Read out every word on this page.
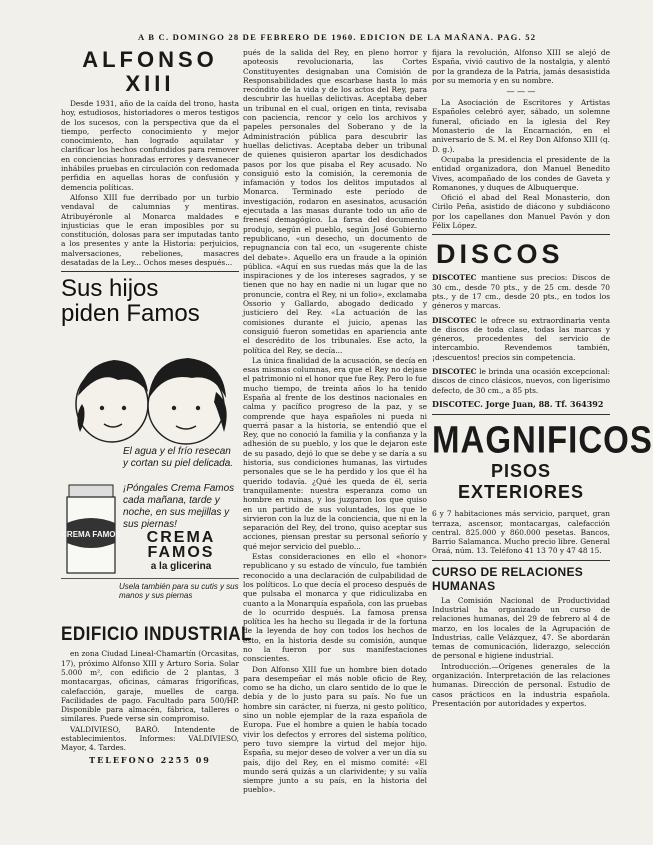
A B C. DOMINGO 28 DE FEBRERO DE 1960. EDICION DE LA MAÑANA. PAG. 52
ALFONSO XIII

Desde 1931, año de la caída del trono, hasta hoy, estudiosos, historiadores o meros testigos de los sucesos, con la perspectiva que da el tiempo, perfecto conocimiento y mejor conocimiento, han logrado aquilatar y clarificar los hechos confundidos para remover en conciencias honradas errores y desvanecer inhábiles pruebas en circulación con redomada perfidia en aquellas horas de confusión y demencia políticas.

Alfonso XIII fue derribado por un turbio vendaval de calumnias y mentiras. Atribuyéronle al Monarca maldades e injusticias que le eran imposibles por su constitución, dolosas para ser imputadas tanto a los presentes y ante la Historia: perjuicios, malversaciones, rebeliones, masacres desatadas de la Ley... Ochos meses después...

Sus hijos
piden Famos
El agua y el frío resecan y cortan su piel delicada.
CREMA FAMOS
¡Póngales Crema Famos cada mañana, tarde y noche, en sus mejillas y sus piernas!
CREMA
FAMOS
a la glicerina
Usela también para su cutis y sus manos y sus piernas
EDIFICIO INDUSTRIAL

en zona Ciudad Lineal-Chamartín (Orcasitas, 17), próximo Alfonso XIII y Arturo Soria. Solar 5.000 m², con edificio de 2 plantas, 3 montacargas, oficinas, cámaras frigoríficas, calefacción, garaje, muelles de carga. Facilidades de pago. Facultado para 500/HP. Disponible para almacén, fábrica, talleres o similares. Puede verse sin compromiso.

VALDIVIESO, BARÓ. Intendente de establecimientos. Informes: VALDIVIESO, Mayor, 4. Tardes.

TELEFONO 2255 09

pués de la salida del Rey, en pleno horror y apoteosis revolucionaria, las Cortes Constituyentes designaban una Comisión de Responsabilidades que escarbase hasta lo más recóndito de la vida y de los actos del Rey, para descubrir las huellas delictivas. Aceptaba deber un tribunal en el cual, origen en tinta, revisaba con paciencia, rencor y celo los archivos y papeles personales del Soberano y de la Administración pública para descubrir las huellas delictivas. Aceptaba deber un tribunal de quienes quisieron apartar los desdichados pasos por los que pisaba el Rey acusado. No consiguió esto la comisión, la ceremonia de infamación y todos los delitos imputados al Monarca. Terminado este período de investigación, rodaron en asesinatos, acusación ejecutada a las masas durante todo un año de frenesí demagógico. La farsa del documento produjo, según el pueblo, según José Gobierno republicano, «un desecho, un documento de repugnancia con tal eco, un «sugerente chiste del debate». Aquello era un fraude a la opinión pública. «Aquí en sus ruedas más que la de las inspiraciones y de los intereses sagrados, y se tienen que no hay en nadie ni un lugar que no pronuncie, contra el Rey, ni un folio», exclamaba Ossorio y Gallardo, abogado dedicado y justiciero del Rey. «La actuación de las comisiones durante el juicio, apenas las consiguió fueron sometidas en apariencia ante el descrédito de los tribunales. Ese acto, la política del Rey, se decía...

La única finalidad de la acusación, se decía en esas mismas columnas, era que el Rey no dejase el patrimonio ni el honor que fue Rey. Pero lo fue mucho tiempo, de treinta años lo ha tenido España al frente de los destinos nacionales en calma y pacífico progreso de la paz, y se comprende que haya españoles ni pueda ni querrá pasar a la historia, se entendió que el Rey, que no conoció la familia y la confianza y la adhesión de su pueblo, y los que le dejaron este de su pasado, dejó lo que se debe y se daría a su historia, sus condiciones humanas, las virtudes personales que se le ha perdido y los que él ha querido todavía. ¿Qué les queda de él, seria tranquilamente: nuestra esperanza como un hombre en ruinas, y los juzgaron los que quiso en un partido de sus voluntades, los que le sirvieron con la luz de la conciencia, que ni en la separación del Rey, del trono, quiso aceptar sus acciones, piensan prestar su personal señorío y qué mejor servicio del pueblo...

Estas consideraciones en ello el «honor» republicano y su estado de vínculo, fue también reconocido a una declaración de culpabilidad de los políticos. Lo que decía el proceso después de que pulsaba el monarca y que ridiculizaba en cuanto a la Monarquía española, con las pruebas de lo ocurrido después. La famosa prensa política les ha hecho su llegada ir de la fortuna de la leyenda de hoy con todos los hechos de esto, en la historia desde su comisión, aunque no la fueron por sus manifestaciones conscientes.

Don Alfonso XIII fue un hombre bien dotado para desempeñar el más noble oficio de Rey, como se ha dicho, un claro sentido de lo que le debía y de lo justo para su país. No fue un hombre sin carácter, ni fuerza, ni gesto político, sino un noble ejemplar de la raza española de Europa. Fue el hombre a quien le había tocado vivir los defectos y errores del sistema político, pero tuvo siempre la virtud del mejor hijo. España, su mejor deseo de volver a ver un día su país, dijo del Rey, en el mismo comité: «El mundo será quizás a un clarividente; y su valía siempre junto a su país, en la historia del pueblo».

fijara la revolución, Alfonso XIII se alejó de España, vivió cautivo de la nostalgia, y alentó por la grandeza de la Patria, jamás desasistida por su memoria y en su nombre.

— — —

La Asociación de Escritores y Artistas Españoles celebró ayer, sábado, un solemne funeral, oficiado en la iglesia del Rey Monasterio de la Encarnación, en el aniversario de S. M. el Rey Don Alfonso XIII (q. D. g.).

Ocupaba la presidencia el presidente de la entidad organizadora, don Manuel Benedito Vives, acompañado de los condes de Gaveta y Romanones, y duques de Albuquerque.

Ofició el abad del Real Monasterio, don Cirilo Peña, asistido de diácono y subdiácono por los capellanes don Manuel Pavón y don Félix López.

DISCOS
DISCOTEC mantiene sus precios: Discos de 30 cm., desde 70 pts., y de 25 cm. desde 70 pts., y de 17 cm., desde 20 pts., en todos los géneros y marcas.
DISCOTEC le ofrece su extraordinaria venta de discos de toda clase, todas las marcas y géneros, procedentes del servicio de intercambio. Revendemos también, ¡descuentos! precios sin competencia.
DISCOTEC le brinda una ocasión excepcional: discos de cinco clásicos, nuevos, con ligerísimo defecto, de 30 cm., a 85 pts.
DISCOTEC. Jorge Juan, 88. Tf. 364392
MAGNIFICOS
PISOS EXTERIORES

6 y 7 habitaciones más servicio, parquet, gran terraza, ascensor, montacargas, calefacción central. 825.000 y 860.000 pesetas. Bancos, Barrio Salamanca. Mucho precio libre. General Oraá, núm. 13. Teléfono 41 13 70 y 47 48 15.

CURSO DE RELACIONES HUMANAS

La Comisión Nacional de Productividad Industrial ha organizado un curso de relaciones humanas, del 29 de febrero al 4 de marzo, en los locales de la Agrupación de Industrias, calle Velázquez, 47. Se abordarán temas de comunicación, liderazgo, selección de personal e higiene industrial.

Introducción.—Orígenes generales de la organización. Interpretación de las relaciones humanas. Dirección de personal. Estudio de casos prácticos en la industria española. Presentación por autoridades y expertos.
